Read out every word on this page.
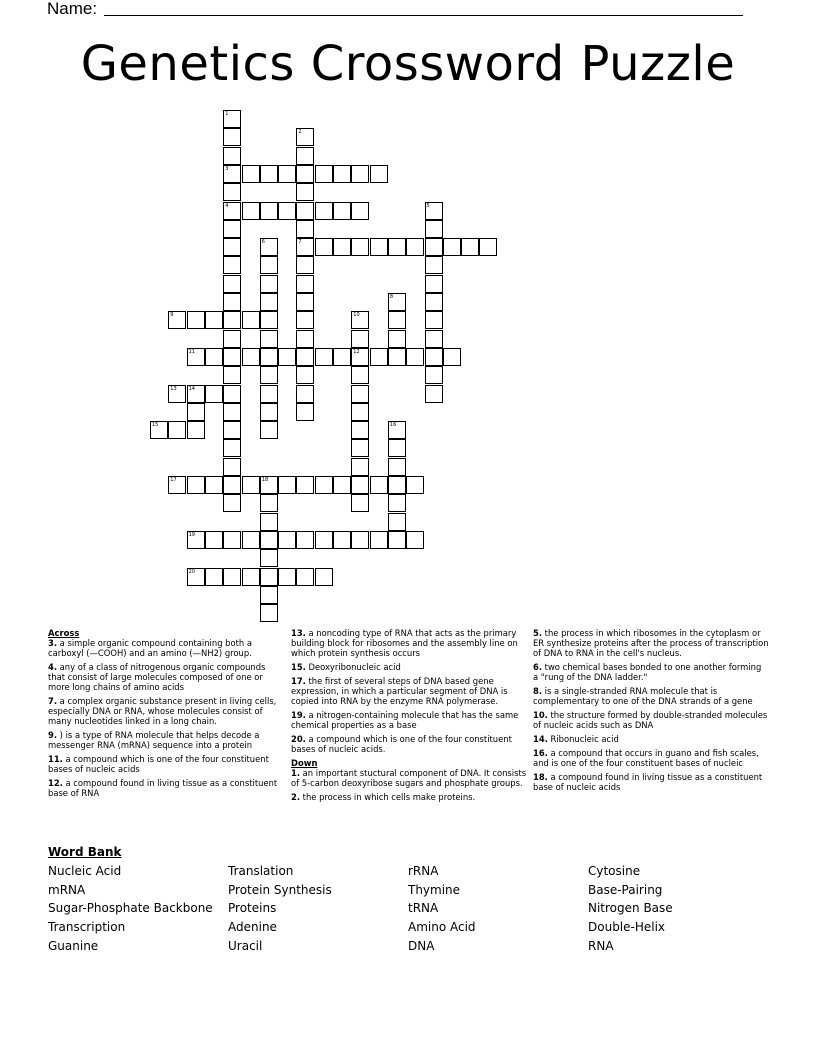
Name:
Genetics Crossword Puzzle
1
3
4
2
7
5
6
8
9	10
12
11
13 14
15	16
17	18
19
20
Across
3. a simple organic compound containing both a carboxyl (—COOH) and an amino (—NH2) group.
4. any of a class of nitrogenous organic compounds that consist of large molecules composed of one or more long chains of amino acids
7. a complex organic substance present in living cells, especially DNA or RNA, whose molecules consist of many nucleotides linked in a long chain.
9. ) is a type of RNA molecule that helps decode a messenger RNA (mRNA) sequence into a protein
11. a compound which is one of the four constituent bases of nucleic acids
12. a compound found in living tissue as a constituent base of RNA
13. a noncoding type of RNA that acts as the primary building block for ribosomes and the assembly line on which protein synthesis occurs
15. Deoxyribonucleic acid
17. the first of several steps of DNA based gene expression, in which a particular segment of DNA is copied into RNA by the enzyme RNA polymerase.
19. a nitrogen-containing molecule that has the same chemical properties as a base
20. a compound which is one of the four constituent bases of nucleic acids.
Down
1. an important stuctural component of DNA. It consists of 5-carbon deoxyribose sugars and phosphate groups.
2. the process in which cells make proteins.
5. the process in which ribosomes in the cytoplasm or ER synthesize proteins after the process of transcription of DNA to RNA in the cell's nucleus.
6. two chemical bases bonded to one another forming a "rung of the DNA ladder."
8. is a single-stranded RNA molecule that is complementary to one of the DNA strands of a gene
10. the structure formed by double-stranded molecules of nucleic acids such as DNA
14. Ribonucleic acid
16. a compound that occurs in guano and fish scales, and is one of the four constituent bases of nucleic
18. a compound found in living tissue as a constituent base of nucleic acids
Word Bank
Nucleic Acid
mRNA
Sugar-Phosphate Backbone
Transcription
Guanine
Translation
Protein Synthesis
Proteins
Adenine
Uracil
rRNA
Thymine
tRNA
Amino Acid
DNA
Cytosine
Base-Pairing
Nitrogen Base
Double-Helix
RNA
